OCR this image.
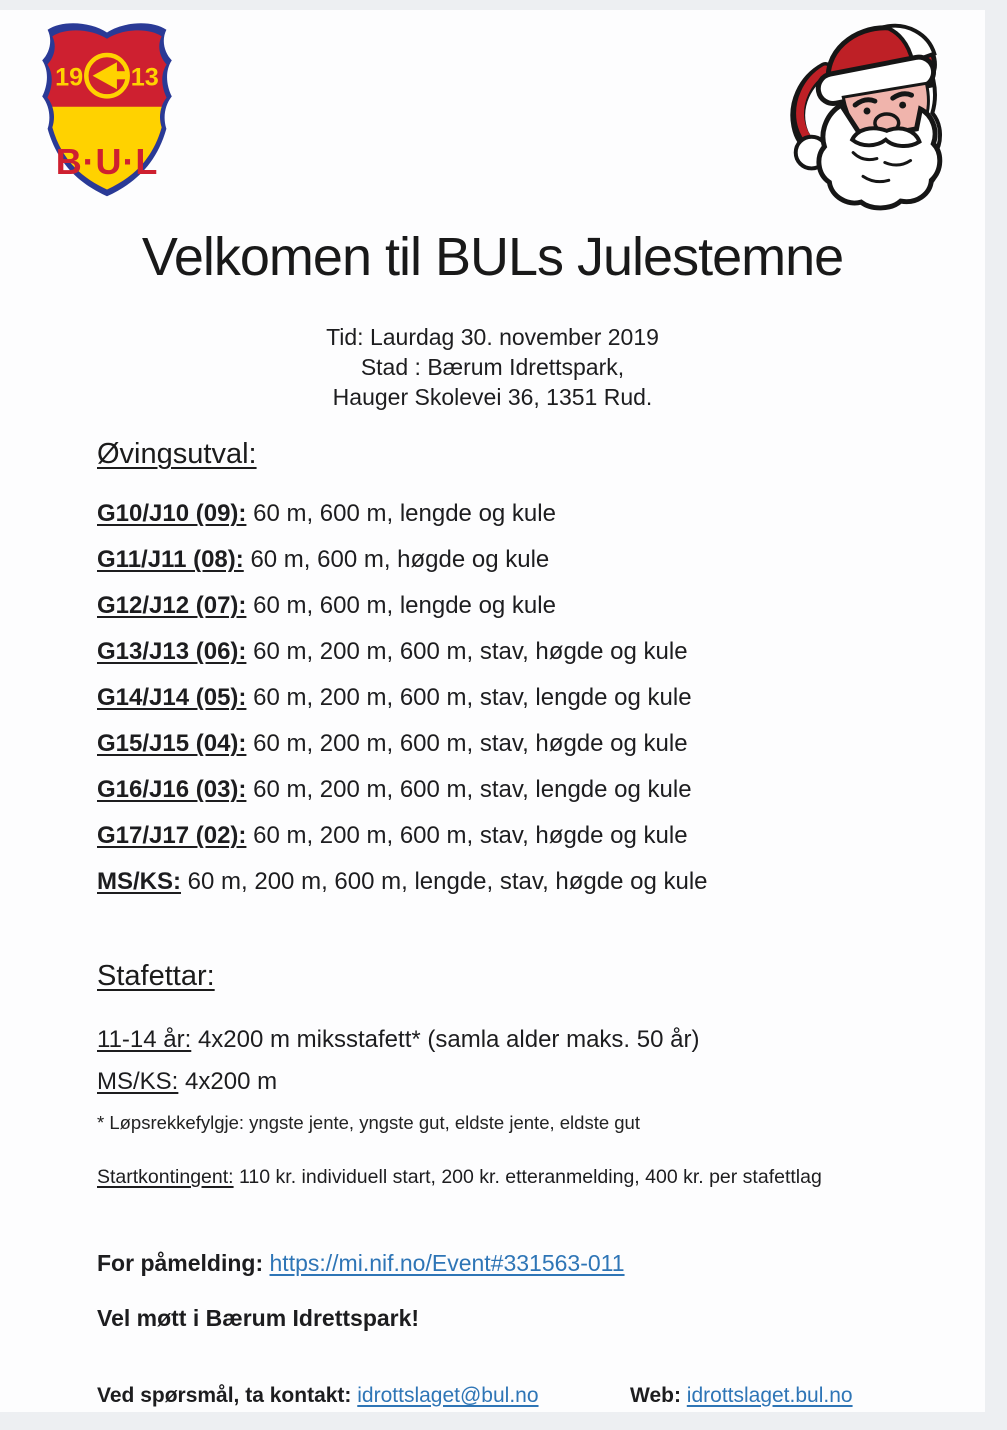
19 13
B·U·L
Velkomen til BULs Julestemne
Tid: Laurdag 30. november 2019
Stad : Bærum Idrettspark,
Hauger Skolevei 36, 1351 Rud.
Øvingsutval:
G10/J10 (09): 60 m, 600 m, lengde og kule
G11/J11 (08): 60 m, 600 m, høgde og kule
G12/J12 (07): 60 m, 600 m, lengde og kule
G13/J13 (06): 60 m, 200 m, 600 m, stav, høgde og kule
G14/J14 (05): 60 m, 200 m, 600 m, stav, lengde og kule
G15/J15 (04): 60 m, 200 m, 600 m, stav, høgde og kule
G16/J16 (03): 60 m, 200 m, 600 m, stav, lengde og kule
G17/J17 (02): 60 m, 200 m, 600 m, stav, høgde og kule
MS/KS: 60 m, 200 m, 600 m, lengde, stav, høgde og kule
Stafettar:
11-14 år: 4x200 m miksstafett* (samla alder maks. 50 år)
MS/KS: 4x200 m
* Løpsrekkefylgje: yngste jente, yngste gut, eldste jente, eldste gut
Startkontingent: 110 kr. individuell start, 200 kr. etteranmelding, 400 kr. per stafettlag
For påmelding: https://mi.nif.no/Event#331563-011
Vel møtt i Bærum Idrettspark!
Ved spørsmål, ta kontakt: idrottslaget@bul.no	Web: idrottslaget.bul.no
